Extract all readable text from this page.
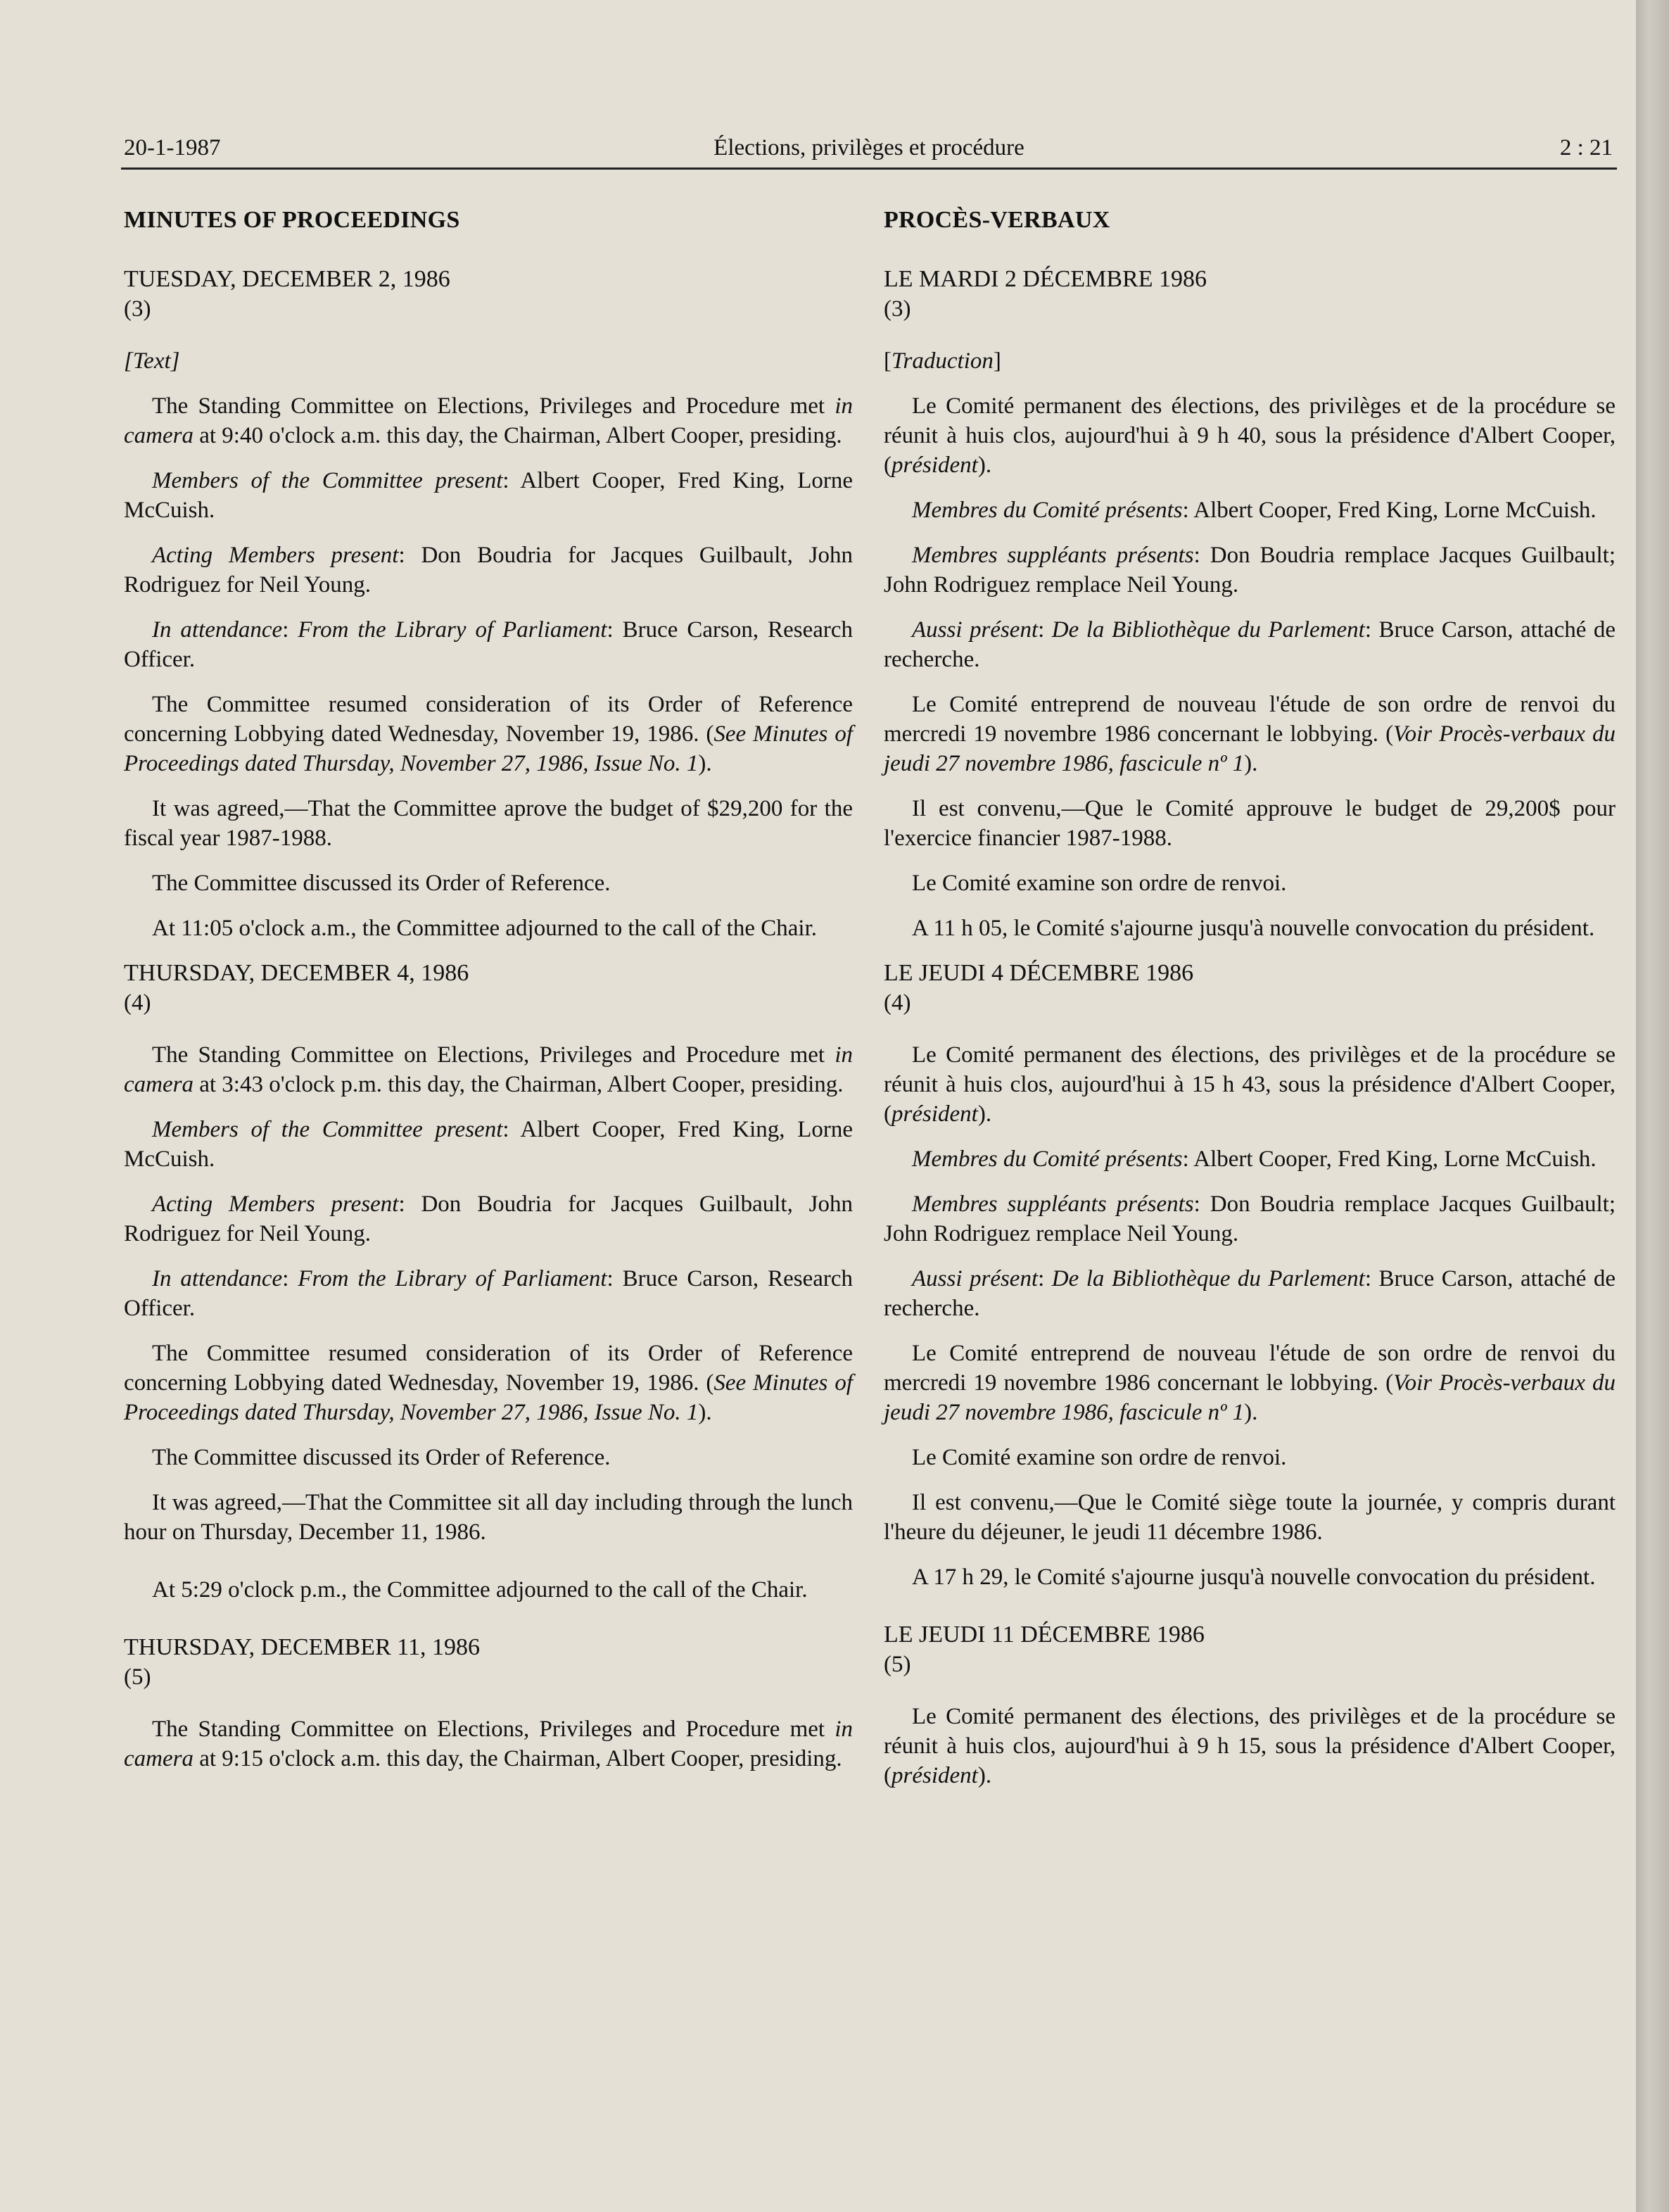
20-1-1987	Élections, privilèges et procédure	2 : 21
MINUTES OF PROCEEDINGS
TUESDAY, DECEMBER 2, 1986
(3)
[Text]

The Standing Committee on Elections, Privileges and Procedure met in camera at 9:40 o'clock a.m. this day, the Chairman, Albert Cooper, presiding.

Members of the Committee present: Albert Cooper, Fred King, Lorne McCuish.

Acting Members present: Don Boudria for Jacques Guilbault, John Rodriguez for Neil Young.

In attendance: From the Library of Parliament: Bruce Carson, Research Officer.

The Committee resumed consideration of its Order of Reference concerning Lobbying dated Wednesday, November 19, 1986. (See Minutes of Proceedings dated Thursday, November 27, 1986, Issue No. 1).

It was agreed,—That the Committee aprove the budget of $29,200 for the fiscal year 1987-1988.

The Committee discussed its Order of Reference.

At 11:05 o'clock a.m., the Committee adjourned to the call of the Chair.

THURSDAY, DECEMBER 4, 1986
(4)

The Standing Committee on Elections, Privileges and Procedure met in camera at 3:43 o'clock p.m. this day, the Chairman, Albert Cooper, presiding.

Members of the Committee present: Albert Cooper, Fred King, Lorne McCuish.

Acting Members present: Don Boudria for Jacques Guilbault, John Rodriguez for Neil Young.

In attendance: From the Library of Parliament: Bruce Carson, Research Officer.

The Committee resumed consideration of its Order of Reference concerning Lobbying dated Wednesday, November 19, 1986. (See Minutes of Proceedings dated Thursday, November 27, 1986, Issue No. 1).

The Committee discussed its Order of Reference.

It was agreed,—That the Committee sit all day including through the lunch hour on Thursday, December 11, 1986.

At 5:29 o'clock p.m., the Committee adjourned to the call of the Chair.

THURSDAY, DECEMBER 11, 1986
(5)

The Standing Committee on Elections, Privileges and Procedure met in camera at 9:15 o'clock a.m. this day, the Chairman, Albert Cooper, presiding.

PROCÈS-VERBAUX
LE MARDI 2 DÉCEMBRE 1986
(3)
[Traduction]

Le Comité permanent des élections, des privilèges et de la procédure se réunit à huis clos, aujourd'hui à 9 h 40, sous la présidence d'Albert Cooper, (président).

Membres du Comité présents: Albert Cooper, Fred King, Lorne McCuish.

Membres suppléants présents: Don Boudria remplace Jacques Guilbault; John Rodriguez remplace Neil Young.

Aussi présent: De la Bibliothèque du Parlement: Bruce Carson, attaché de recherche.

Le Comité entreprend de nouveau l'étude de son ordre de renvoi du mercredi 19 novembre 1986 concernant le lobbying. (Voir Procès-verbaux du jeudi 27 novembre 1986, fascicule nº 1).

Il est convenu,—Que le Comité approuve le budget de 29,200$ pour l'exercice financier 1987-1988.

Le Comité examine son ordre de renvoi.

A 11 h 05, le Comité s'ajourne jusqu'à nouvelle convocation du président.

LE JEUDI 4 DÉCEMBRE 1986
(4)

Le Comité permanent des élections, des privilèges et de la procédure se réunit à huis clos, aujourd'hui à 15 h 43, sous la présidence d'Albert Cooper, (président).

Membres du Comité présents: Albert Cooper, Fred King, Lorne McCuish.

Membres suppléants présents: Don Boudria remplace Jacques Guilbault; John Rodriguez remplace Neil Young.

Aussi présent: De la Bibliothèque du Parlement: Bruce Carson, attaché de recherche.

Le Comité entreprend de nouveau l'étude de son ordre de renvoi du mercredi 19 novembre 1986 concernant le lobbying. (Voir Procès-verbaux du jeudi 27 novembre 1986, fascicule nº 1).

Le Comité examine son ordre de renvoi.

Il est convenu,—Que le Comité siège toute la journée, y compris durant l'heure du déjeuner, le jeudi 11 décembre 1986.

A 17 h 29, le Comité s'ajourne jusqu'à nouvelle convocation du président.

LE JEUDI 11 DÉCEMBRE 1986
(5)

Le Comité permanent des élections, des privilèges et de la procédure se réunit à huis clos, aujourd'hui à 9 h 15, sous la présidence d'Albert Cooper, (président).
